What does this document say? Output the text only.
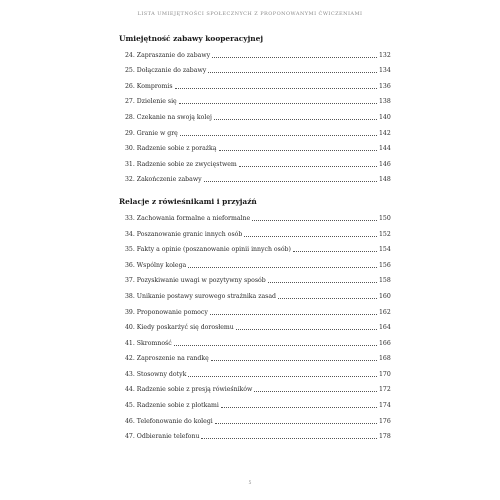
LISTA UMIEJĘTNOŚCI SPOŁECZNYCH Z PROPONOWANYMI ĆWICZENIAMI
Umiejętność zabawy kooperacyjnej
24. Zapraszanie do zabawy	132
25. Dołączanie do zabawy	134
26. Kompromis	136
27. Dzielenie się	138
28. Czekanie na swoją kolej	140
29. Granie w grę	142
30. Radzenie sobie z porażką	144
31. Radzenie sobie ze zwycięstwem	146
32. Zakończenie zabawy	148
Relacje z rówieśnikami i przyjaźń
33. Zachowania formalne a nieformalne	150
34. Poszanowanie granic innych osób	152
35. Fakty a opinie (poszanowanie opinii innych osób)	154
36. Wspólny kolega	156
37. Pozyskiwanie uwagi w pozytywny sposób	158
38. Unikanie postawy surowego strażnika zasad	160
39. Proponowanie pomocy	162
40. Kiedy poskarżyć się dorosłemu	164
41. Skromność	166
42. Zaproszenie na randkę	168
43. Stosowny dotyk	170
44. Radzenie sobie z presją rówieśników	172
45. Radzenie sobie z plotkami	174
46. Telefonowanie do kolegi	176
47. Odbieranie telefonu	178
5
